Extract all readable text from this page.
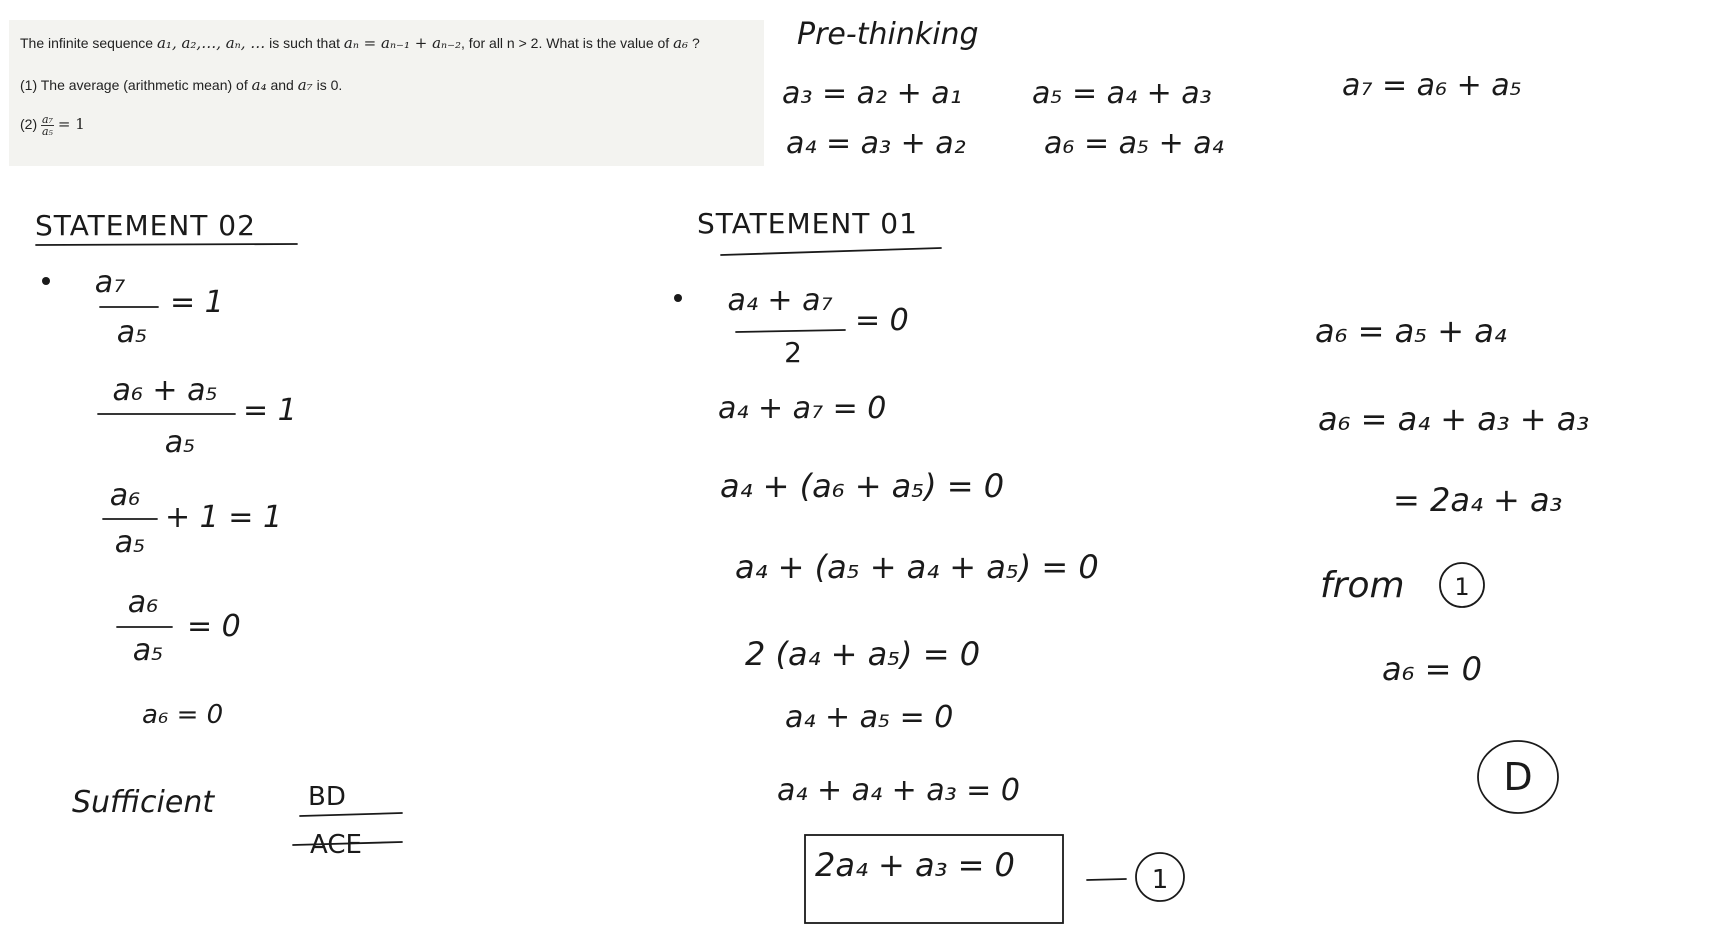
The infinite sequence a₁, a₂,…, aₙ, … is such that aₙ = aₙ₋₁ + aₙ₋₂, for all n > 2. What is the value of a₆ ?
(1) The average (arithmetic mean) of a₄ and a₇ is 0.
$(2) \frac{\text{a₇}}{\text{a₅}} = 1$
Pre-thinking
a₃ = a₂ + a₁
a₄ = a₃ + a₂
a₅ = a₄ + a₃
a₆ = a₅ + a₄
a₇ = a₆ + a₅
STATEMENT 02
a₇
a₅
= 1
a₆ + a₅
a₅
= 1
a₆
a₅
+ 1 = 1
a₆
a₅
= 0
a₆ = 0
Sufficient	BD
ACE
STATEMENT 01
a₄ + a₇
2
= 0
a₄ + a₇ = 0
a₄ + (a₆ + a₅) = 0
a₄ + (a₅ + a₄ + a₅) = 0
2 (a₄ + a₅) = 0
a₄ + a₅ = 0
a₄ + a₄ + a₃ = 0
2a₄ + a₃ = 0	1
a₆ = a₅ + a₄
a₆ = a₄ + a₃ + a₃
= 2a₄ + a₃
from 1
a₆ = 0
D
